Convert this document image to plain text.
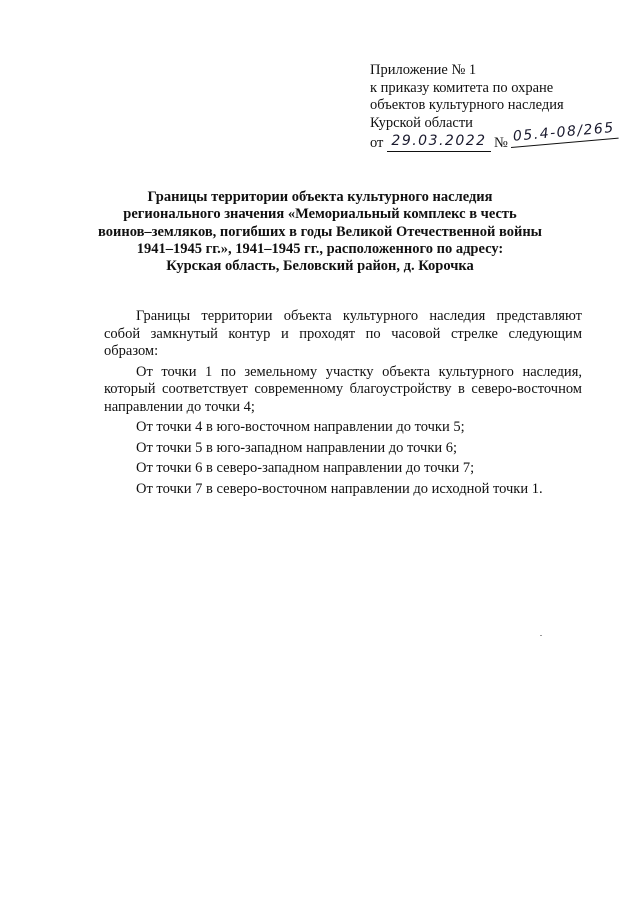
Приложение № 1
к приказу комитета по охране
объектов культурного наследия
Курской области
от 29.03.2022 № 05.4-08/265
Границы территории объекта культурного наследия
регионального значения «Мемориальный комплекс в честь
воинов–земляков, погибших в годы Великой Отечественной войны
1941–1945 гг.», 1941–1945 гг., расположенного по адресу:
Курская область, Беловский район, д. Корочка

Границы территории объекта культурного наследия представляют собой замкнутый контур и проходят по часовой стрелке следующим образом:

От точки 1 по земельному участку объекта культурного наследия, который соответствует современному благоустройству в северо-восточном направлении до точки 4;

От точки 4 в юго-восточном направлении до точки 5;

От точки 5 в юго-западном направлении до точки 6;

От точки 6 в северо-западном направлении до точки 7;

От точки 7 в северо-восточном направлении до исходной точки 1.
